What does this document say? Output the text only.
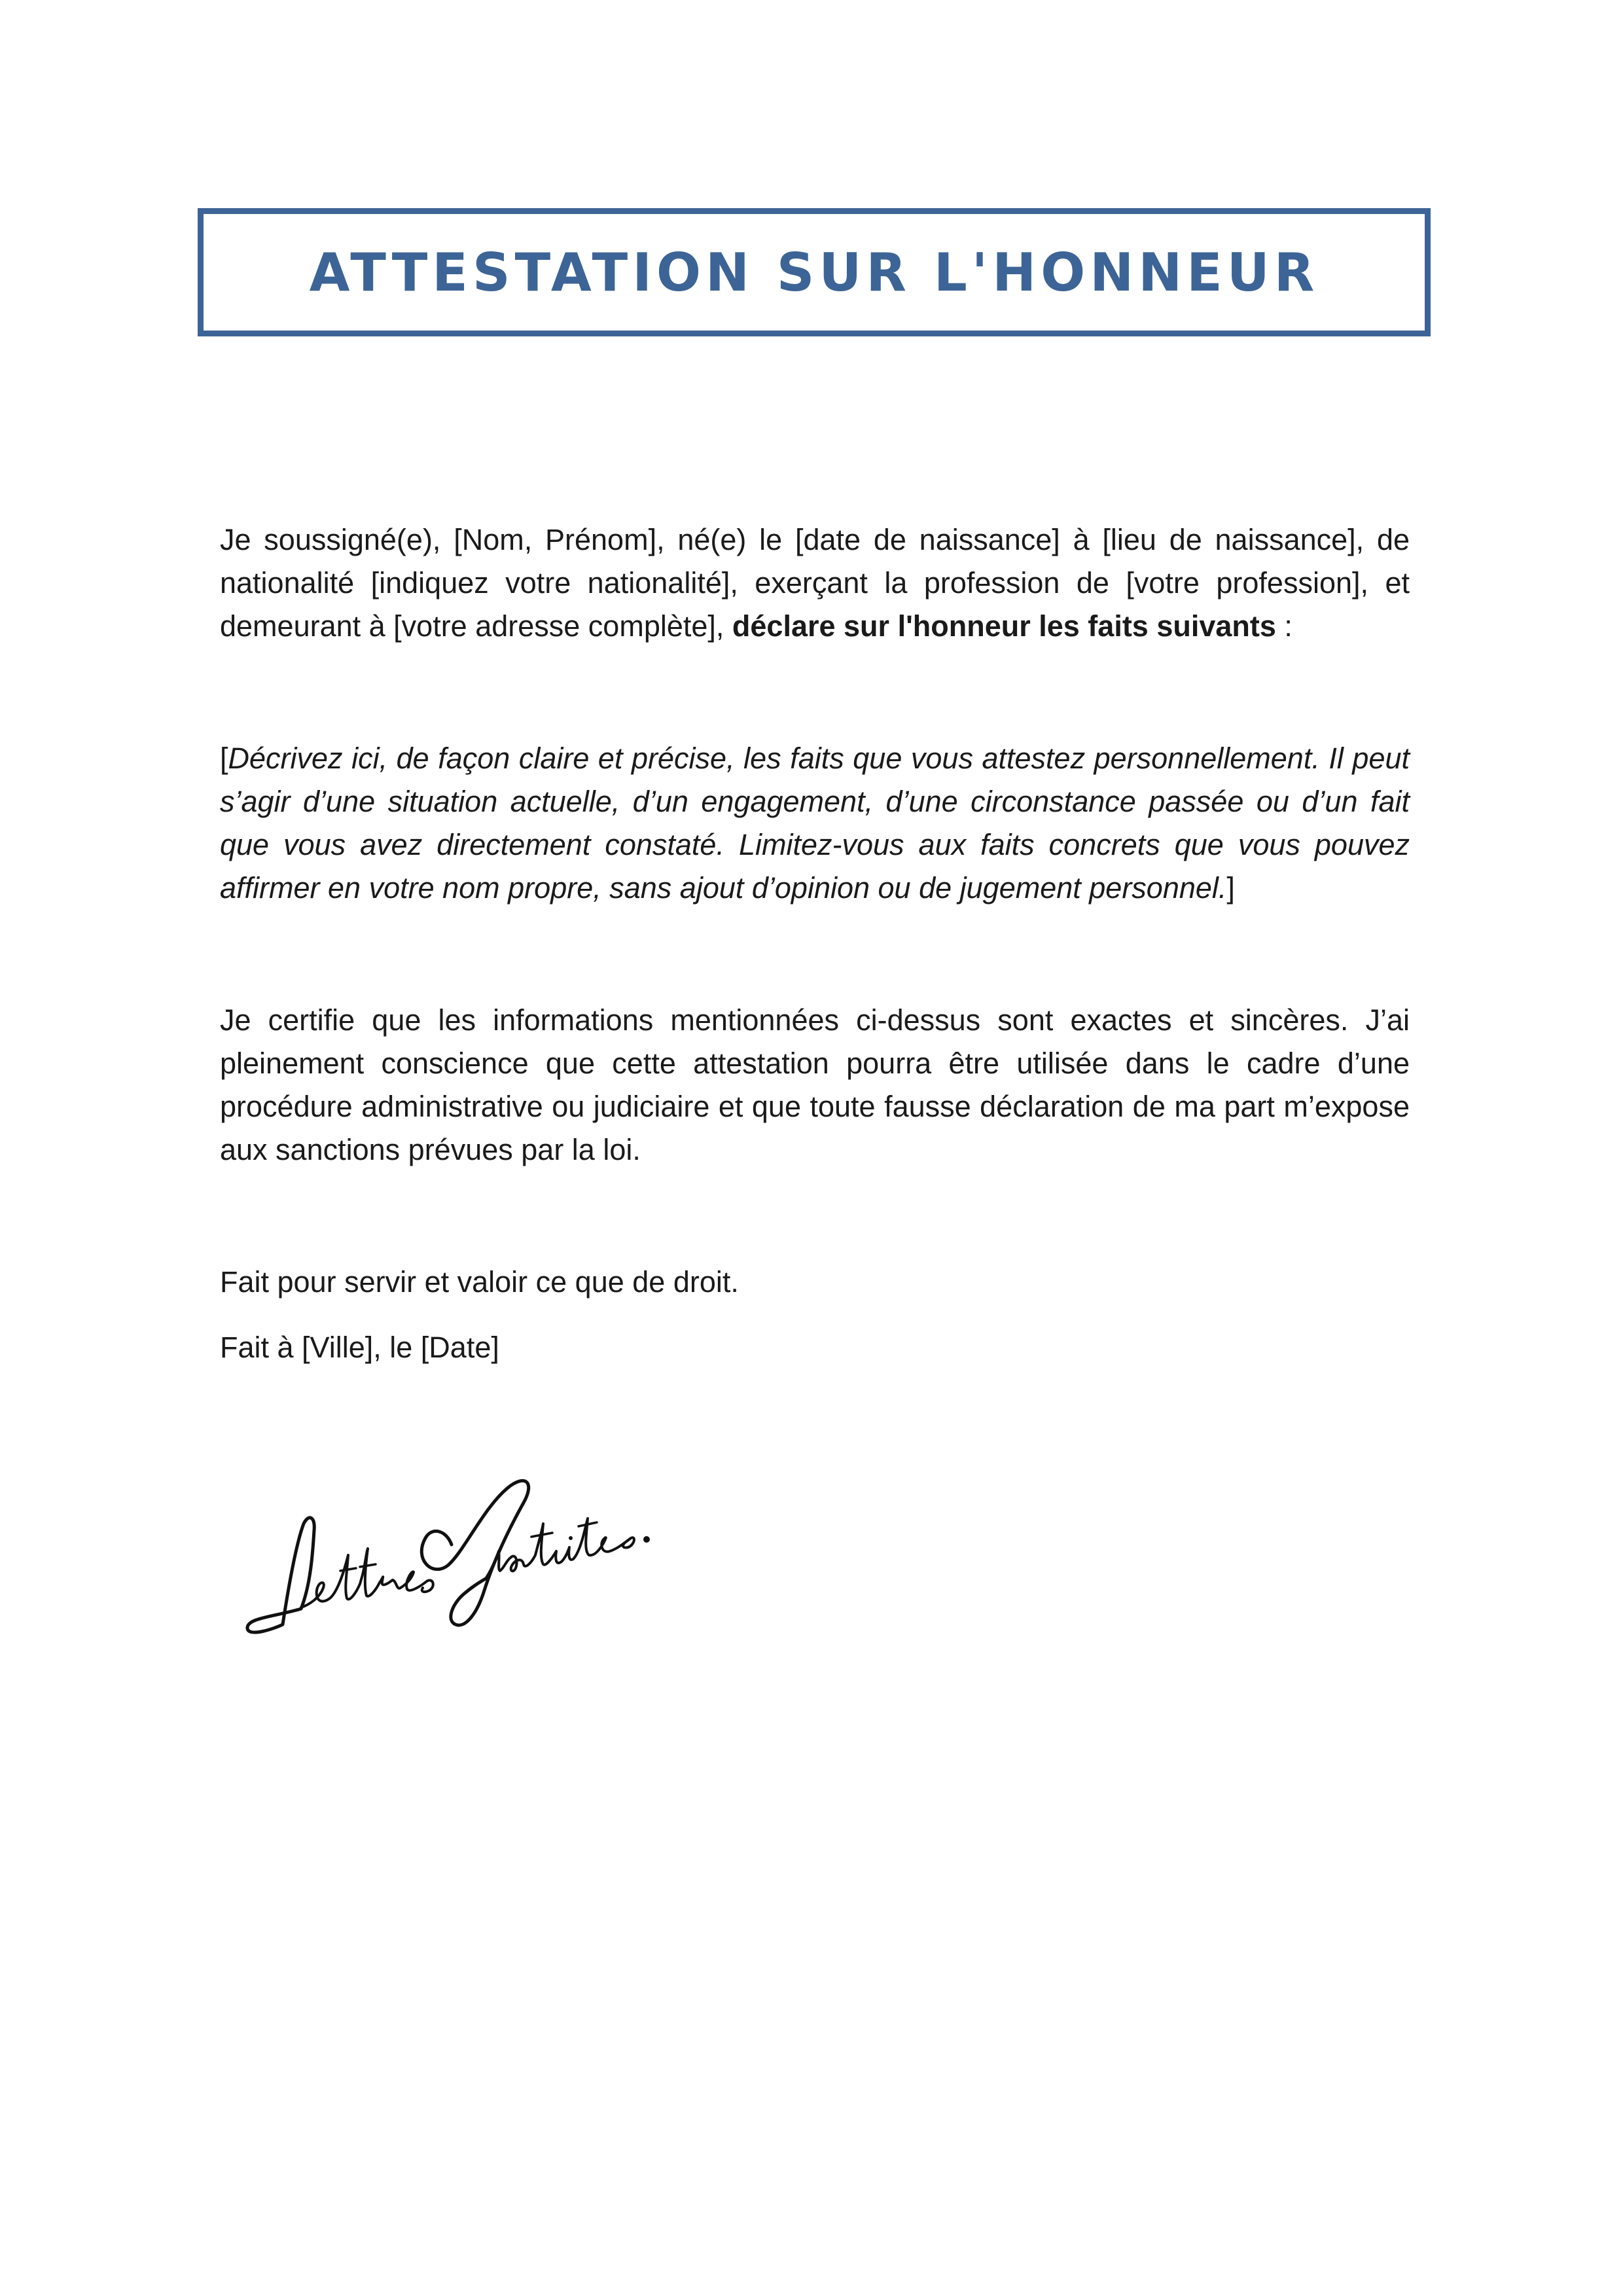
ATTESTATION SUR L'HONNEUR

Je soussigné(e), [Nom, Prénom], né(e) le [date de naissance] à [lieu de naissance], de nationalité [indiquez votre nationalité], exerçant la profession de [votre profession], et demeurant à [votre adresse complète], déclare sur l'honneur les faits suivants :

[Décrivez ici, de façon claire et précise, les faits que vous attestez personnellement. Il peut s’agir d’une situation actuelle, d’un engagement, d’une circonstance passée ou d’un fait que vous avez directement constaté. Limitez-vous aux faits concrets que vous pouvez affirmer en votre nom propre, sans ajout d’opinion ou de jugement personnel.]

Je certifie que les informations mentionnées ci-dessus sont exactes et sincères. J’ai pleinement conscience que cette attestation pourra être utilisée dans le cadre d’une procédure administrative ou judiciaire et que toute fausse déclaration de ma part m’expose aux sanctions prévues par la loi.

Fait pour servir et valoir ce que de droit.

Fait à [Ville], le [Date]
